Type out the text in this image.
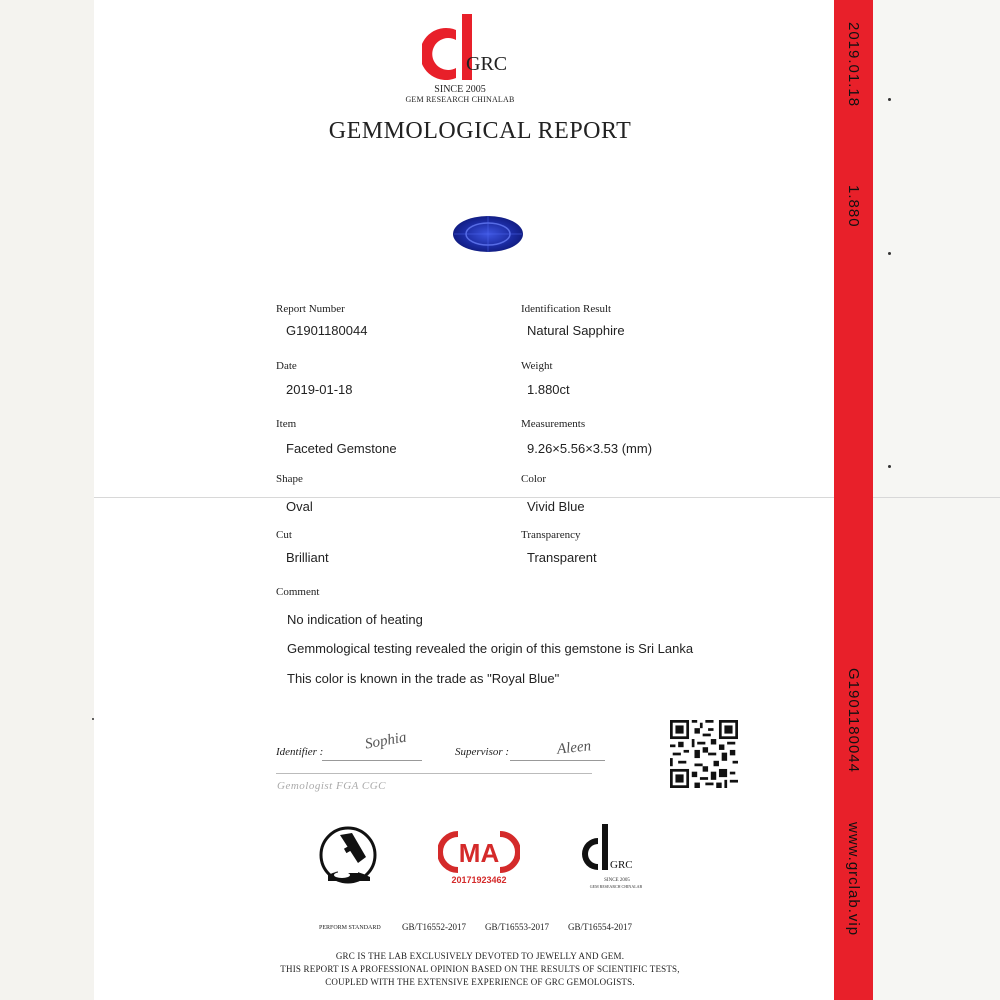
2019.01.18
1.880
G1901180044
www.grclab.vip
GRC
SINCE 2005
GEM RESEARCH CHINALAB
GEMMOLOGICAL REPORT
Report Number
G1901180044
Identification Result
Natural Sapphire
Date
2019-01-18
Weight
1.880ct
Item
Faceted Gemstone
Measurements
9.26×5.56×3.53 (mm)
Shape
Oval
Color
Vivid Blue
Cut
Brilliant
Transparency
Transparent
Comment
No indication of heating
Gemmological testing revealed the origin of this gemstone is Sri Lanka
This color is known in the trade as "Royal Blue"
Identifier :	Sophia	Supervisor :	Aleen
Gemologist FGA CGC
MA
20171923462
GRC
SINCE 2005
GEM RESEARCH CHINALAB
PERFORM STANDARD GB/T16552-2017 GB/T16553-2017 GB/T16554-2017
GRC IS THE LAB EXCLUSIVELY DEVOTED TO JEWELLY AND GEM.
THIS REPORT IS A PROFESSIONAL OPINION BASED ON THE RESULTS OF SCIENTIFIC TESTS,
COUPLED WITH THE EXTENSIVE EXPERIENCE OF GRC GEMOLOGISTS.
